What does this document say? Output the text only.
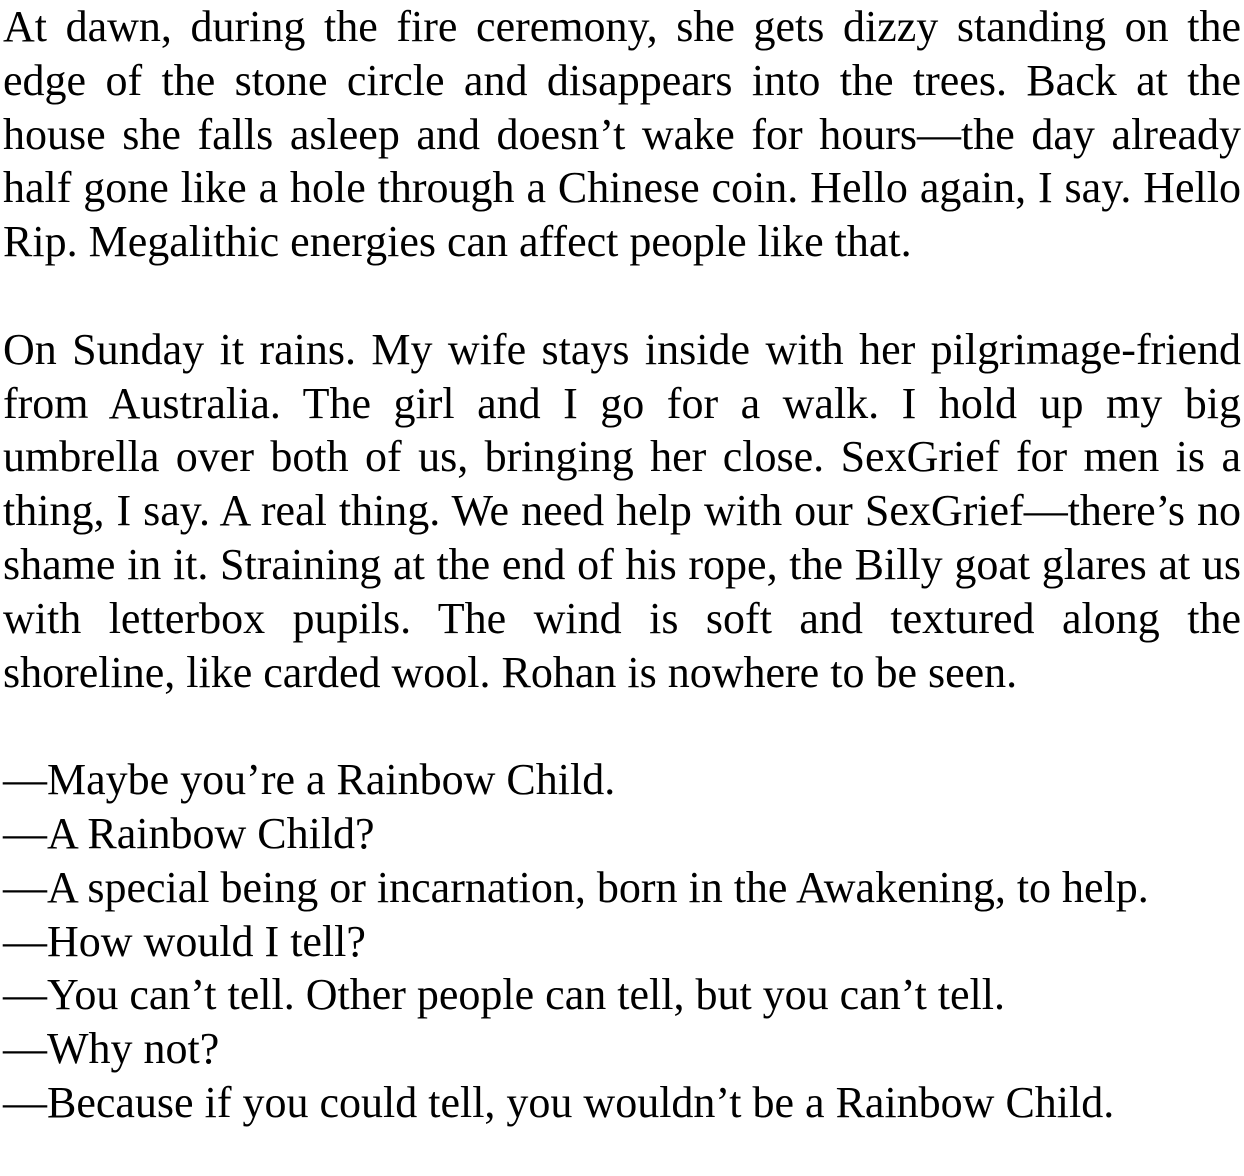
At dawn, during the fire ceremony, she gets dizzy standing on the edge of the stone circle and disappears into the trees. Back at the house she falls asleep and doesn’t wake for hours—the day already half gone like a hole through a Chinese coin. Hello again, I say. Hello Rip. Megalithic energies can affect people like that.

On Sunday it rains. My wife stays inside with her pilgrimage-friend from Australia. The girl and I go for a walk. I hold up my big umbrella over both of us, bringing her close. SexGrief for men is a thing, I say. A real thing. We need help with our SexGrief—there’s no shame in it. Straining at the end of his rope, the Billy goat glares at us with letterbox pupils. The wind is soft and textured along the shoreline, like carded wool. Rohan is nowhere to be seen.

—Maybe you’re a Rainbow Child.
—A Rainbow Child?
—A special being or incarnation, born in the Awakening, to help.
—How would I tell?
—You can’t tell. Other people can tell, but you can’t tell.
—Why not?
—Because if you could tell, you wouldn’t be a Rainbow Child.
